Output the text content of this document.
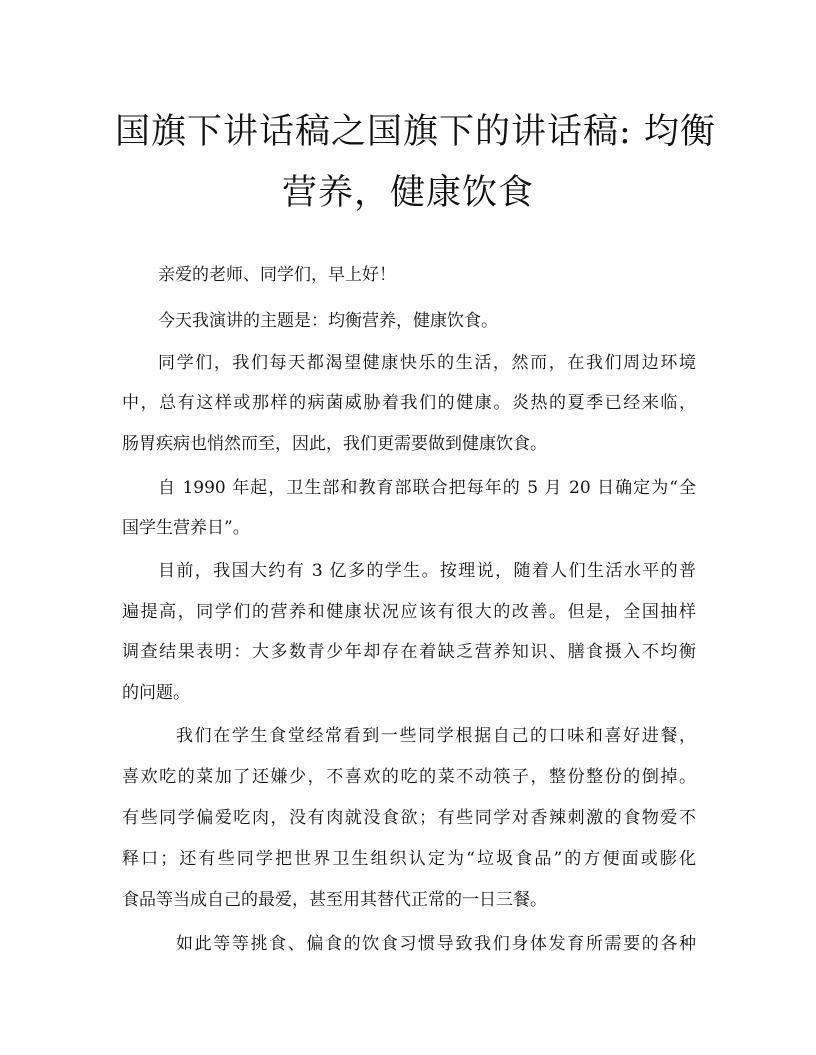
国旗下讲话稿之国旗下的讲话稿: 均衡
营养，健康饮食

亲爱的老师、同学们，早上好！

今天我演讲的主题是：均衡营养，健康饮食。

同学们，我们每天都渴望健康快乐的生活，然而，在我们周边环境

中，总有这样或那样的病菌威胁着我们的健康。炎热的夏季已经来临，

肠胃疾病也悄然而至，因此，我们更需要做到健康饮食。

自 1990 年起，卫生部和教育部联合把每年的 5 月 20 日确定为“全

国学生营养日”。

目前，我国大约有 3 亿多的学生。按理说，随着人们生活水平的普

遍提高，同学们的营养和健康状况应该有很大的改善。但是，全国抽样

调查结果表明：大多数青少年却存在着缺乏营养知识、膳食摄入不均衡

的问题。

我们在学生食堂经常看到一些同学根据自己的口味和喜好进餐，

喜欢吃的菜加了还嫌少，不喜欢的吃的菜不动筷子，整份整份的倒掉。

有些同学偏爱吃肉，没有肉就没食欲；有些同学对香辣刺激的食物爱不

释口；还有些同学把世界卫生组织认定为“垃圾食品”的方便面或膨化

食品等当成自己的最爱，甚至用其替代正常的一日三餐。

如此等等挑食、偏食的饮食习惯导致我们身体发育所需要的各种
